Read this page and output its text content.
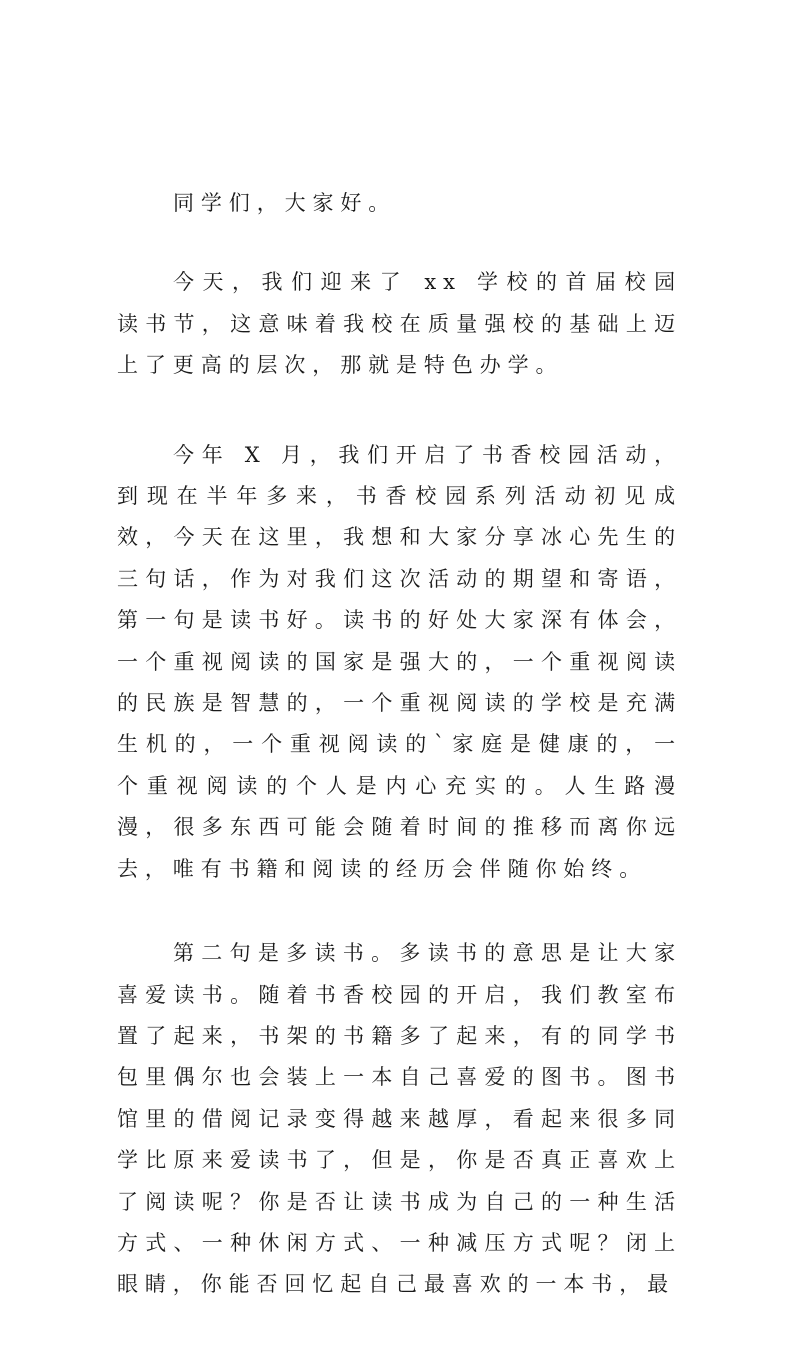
同学们，大家好。

今天，我们迎来了 xx 学校的首届校园读书节，这意味着我校在质量强校的基础上迈上了更高的层次，那就是特色办学。

今年 X 月，我们开启了书香校园活动，到现在半年多来，书香校园系列活动初见成效，今天在这里，我想和大家分享冰心先生的三句话，作为对我们这次活动的期望和寄语，第一句是读书好。读书的好处大家深有体会，一个重视阅读的国家是强大的，一个重视阅读的民族是智慧的，一个重视阅读的学校是充满生机的，一个重视阅读的`家庭是健康的，一个重视阅读的个人是内心充实的。人生路漫漫，很多东西可能会随着时间的推移而离你远去，唯有书籍和阅读的经历会伴随你始终。

第二句是多读书。多读书的意思是让大家喜爱读书。随着书香校园的开启，我们教室布置了起来，书架的书籍多了起来，有的同学书包里偶尔也会装上一本自己喜爱的图书。图书馆里的借阅记录变得越来越厚，看起来很多同学比原来爱读书了，但是，你是否真正喜欢上了阅读呢？你是否让读书成为自己的一种生活方式、一种休闲方式、一种减压方式呢？闭上眼睛，你能否回忆起自己最喜欢的一本书，最
